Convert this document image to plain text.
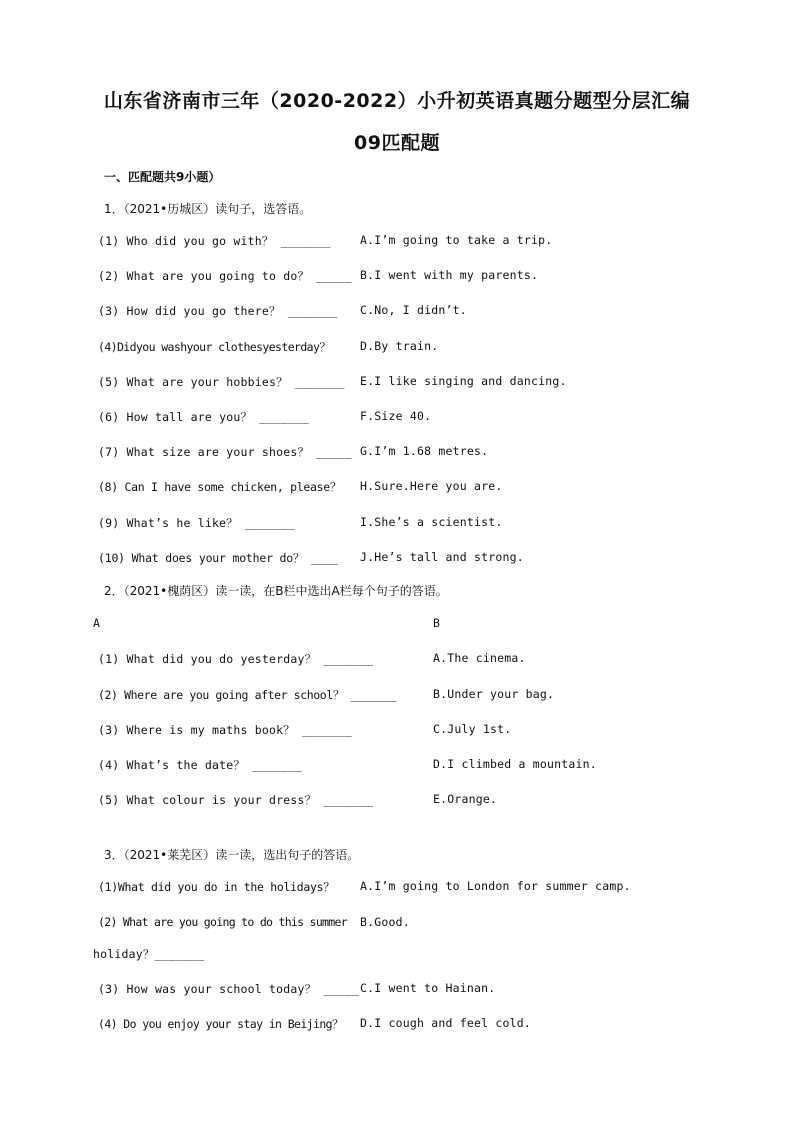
山东省济南市三年（2020-2022）小升初英语真题分题型分层汇编
09匹配题
一、匹配题共9小题）
1．（2021•历城区）读句子，选答语。
(1) Who did you go with？ _______	A.I’m going to take a trip.
(2) What are you going to do？ _____ B.I went with my parents.
(3) How did you go there？ _______ C.No, I didn’t.
(4)Didyou washyour clothesyesterday？	D.By train.
(5) What are your hobbies？ _______ E.I like singing and dancing.
(6) How tall are you？ _______	F.Size 40.
(7) What size are your shoes？ _____ G.I’m 1.68 metres.
(8) Can I have some chicken, please？ H.Sure.Here you are.
(9) What’s he like？ _______	I.She’s a scientist.
(10) What does your mother do？ ____ J.He’s tall and strong.
2．（2021•槐荫区）读一读，在B栏中选出A栏每个句子的答语。
A	B
(1) What did you do yesterday？ _______	A.The cinema.
(2) Where are you going after school？ _______	B.Under your bag.
(3) Where is my maths book？ _______	C.July 1st.
(4) What’s the date？ _______	D.I climbed a mountain.
(5) What colour is your dress？ _______	E.Orange.
3．（2021•莱芜区）读一读，选出句子的答语。
(1)What did you do in the holidays？ A.I’m going to London for summer camp.
(2) What are you going to do this summer B.Good.
holiday？_______
(3) How was your school today？ _____ C.I went to Hainan.
(4) Do you enjoy your stay in Beijing？ D.I cough and feel cold.
